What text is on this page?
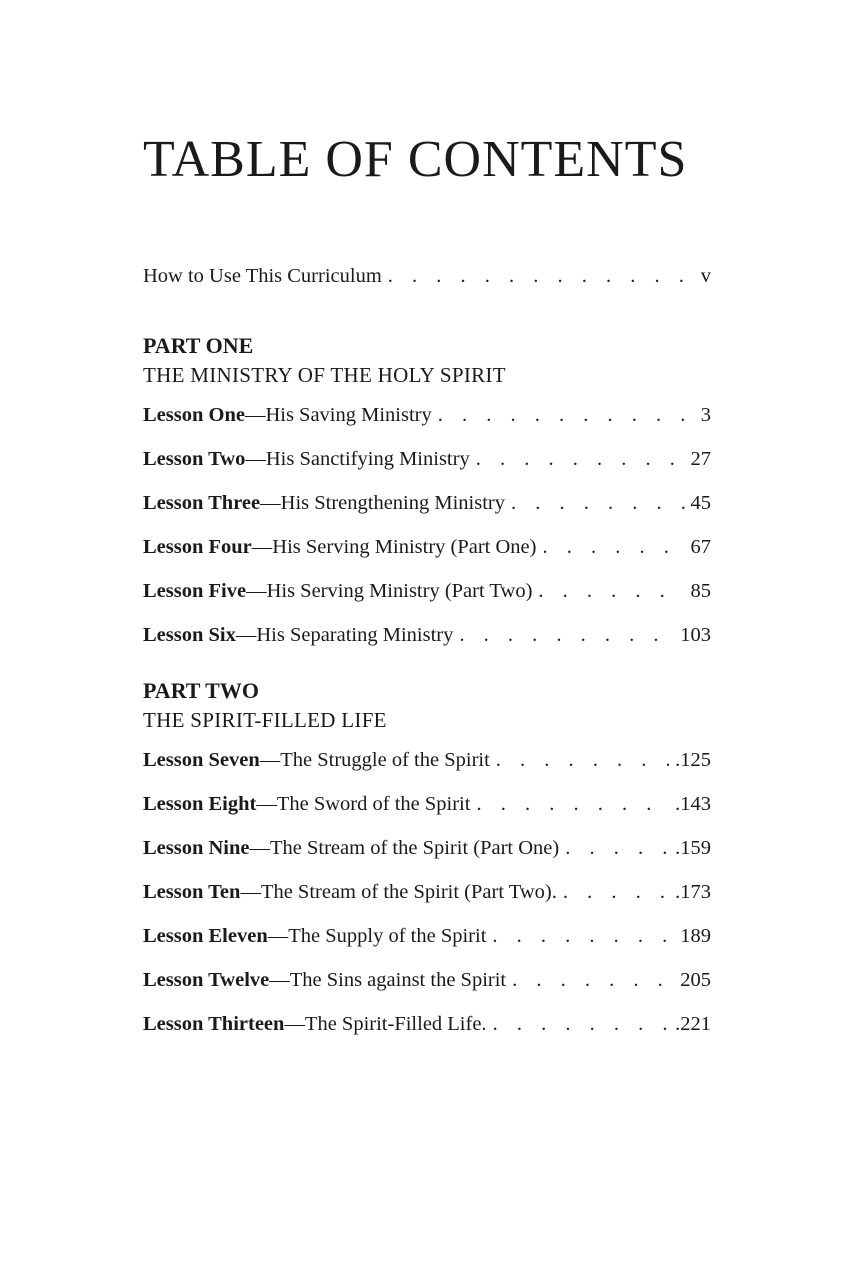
TABLE OF CONTENTS
How to Use This Curriculum . . .	v
PART ONE
THE MINISTRY OF THE HOLY SPIRIT
Lesson One—His Saving Ministry . . .	3
Lesson Two—His Sanctifying Ministry . . .	27
Lesson Three—His Strengthening Ministry . . .	45
Lesson Four—His Serving Ministry (Part One) . . .	67
Lesson Five—His Serving Ministry (Part Two) . . .	85
Lesson Six—His Separating Ministry . . .	103
PART TWO
THE SPIRIT-FILLED LIFE
Lesson Seven—The Struggle of the Spirit . . .	.125
Lesson Eight—The Sword of the Spirit . . .	.143
Lesson Nine—The Stream of the Spirit (Part One) . . .	.159
Lesson Ten—The Stream of the Spirit (Part Two). . . .	.173
Lesson Eleven—The Supply of the Spirit . . .	189
Lesson Twelve—The Sins against the Spirit . . .	205
Lesson Thirteen—The Spirit-Filled Life. . . .	.221
